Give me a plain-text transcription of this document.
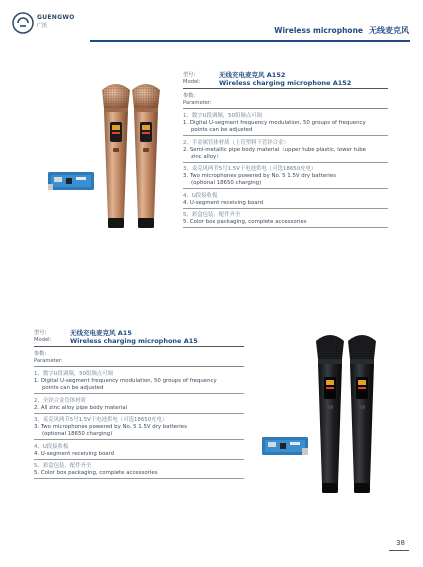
GUENGWO
广沃	Wireless microphone 无线麦克风
型号:
Model:
无线充电麦克风 A152
Wireless charging microphone A152
参数:
Parameter:
1、数字U段调频，50组频点可调
1. Digital U-segment frequency modulation, 50 groups of frequency
points can be adjusted
2、半金属管体材质（上管塑料下管锌合金）
2. Semi-metallic pipe body material（upper tube plastic, lower tube
zinc alloy）
3、麦克风两节5号1.5V干电池供电（可选18650充电）
3. Two microphones powered by No. 5 1.5V dry batteries
(optional 18650 charging)
4、U段接收板
4. U-segment receiving board
5、彩盒包装，配件齐全
5. Color box packaging, complete accessories
型号:
Model:
无线充电麦克风 A15
Wireless charging microphone A15
参数:
Parameter:
1、数字U段调频，50组频点可调
1. Digital U-segment frequency modulation, 50 groups of frequency
points can be adjusted
2、全锌合金管体材质
2. All zinc alloy pipe body material
3、麦克风两节5号1.5V干电池供电（可选18650充电）
3. Two microphones powered by No. 5 1.5V dry batteries
(optional 18650 charging)
4、U段接收板
4. U-segment receiving board
5、彩盒包装，配件齐全
5. Color box packaging, complete accessories
38
